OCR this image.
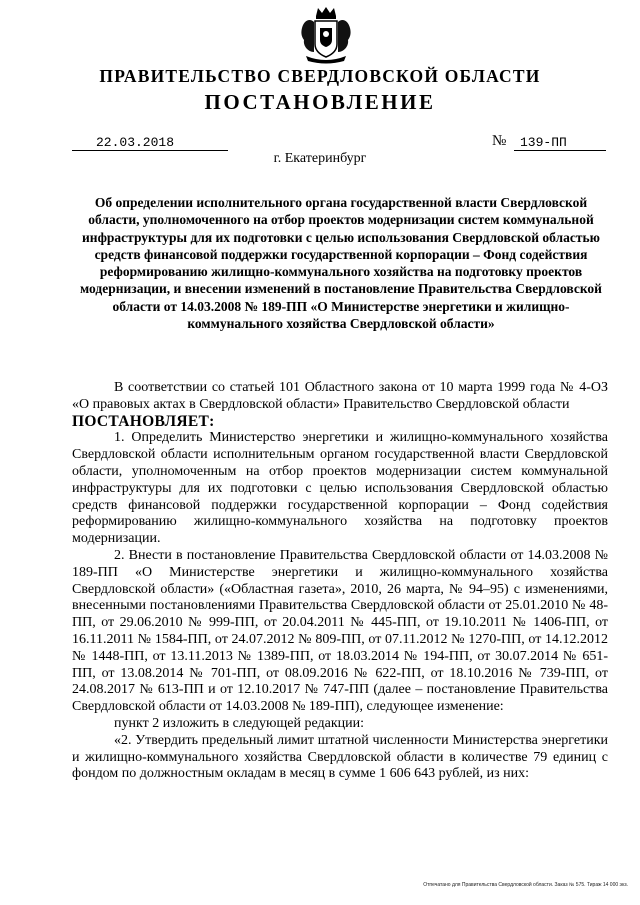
ПРАВИТЕЛЬСТВО СВЕРДЛОВСКОЙ ОБЛАСТИ
ПОСТАНОВЛЕНИЕ
22.03.2018	№	139-ПП
г. Екатеринбург
Об определении исполнительного органа государственной власти Свердловской области, уполномоченного на отбор проектов модернизации систем коммунальной инфраструктуры для их подготовки с целью использования Свердловской областью средств финансовой поддержки государственной корпорации – Фонд содействия реформированию жилищно-коммунального хозяйства на подготовку проектов модернизации, и внесении изменений в постановление Правительства Свердловской области от 14.03.2008 № 189-ПП «О Министерстве энергетики и жилищно-коммунального хозяйства Свердловской области»

В соответствии со статьей 101 Областного закона от 10 марта 1999 года № 4-ОЗ «О правовых актах в Свердловской области» Правительство Свердловской области

ПОСТАНОВЛЯЕТ:

1. Определить Министерство энергетики и жилищно-коммунального хозяйства Свердловской области исполнительным органом государственной власти Свердловской области, уполномоченным на отбор проектов модернизации систем коммунальной инфраструктуры для их подготовки с целью использования Свердловской областью средств финансовой поддержки государственной корпорации – Фонд содействия реформированию жилищно-коммунального хозяйства на подготовку проектов модернизации.

2. Внести в постановление Правительства Свердловской области от 14.03.2008 № 189-ПП «О Министерстве энергетики и жилищно-коммунального хозяйства Свердловской области» («Областная газета», 2010, 26 марта, № 94–95) с изменениями, внесенными постановлениями Правительства Свердловской области от 25.01.2010 № 48-ПП, от 29.06.2010 № 999-ПП, от 20.04.2011 № 445-ПП, от 19.10.2011 № 1406-ПП, от 16.11.2011 № 1584-ПП, от 24.07.2012 № 809-ПП, от 07.11.2012 № 1270-ПП, от 14.12.2012 № 1448-ПП, от 13.11.2013 № 1389-ПП, от 18.03.2014 № 194-ПП, от 30.07.2014 № 651-ПП, от 13.08.2014 № 701-ПП, от 08.09.2016 № 622-ПП, от 18.10.2016 № 739-ПП, от 24.08.2017 № 613-ПП и от 12.10.2017 № 747-ПП (далее – постановление Правительства Свердловской области от 14.03.2008 № 189-ПП), следующее изменение:

пункт 2 изложить в следующей редакции:

«2. Утвердить предельный лимит штатной численности Министерства энергетики и жилищно-коммунального хозяйства Свердловской области в количестве 79 единиц с фондом по должностным окладам в месяц в сумме 1 606 643 рублей, из них:

Отпечатано для Правительства Свердловской области. Заказ № 575. Тираж 14 000 экз.
